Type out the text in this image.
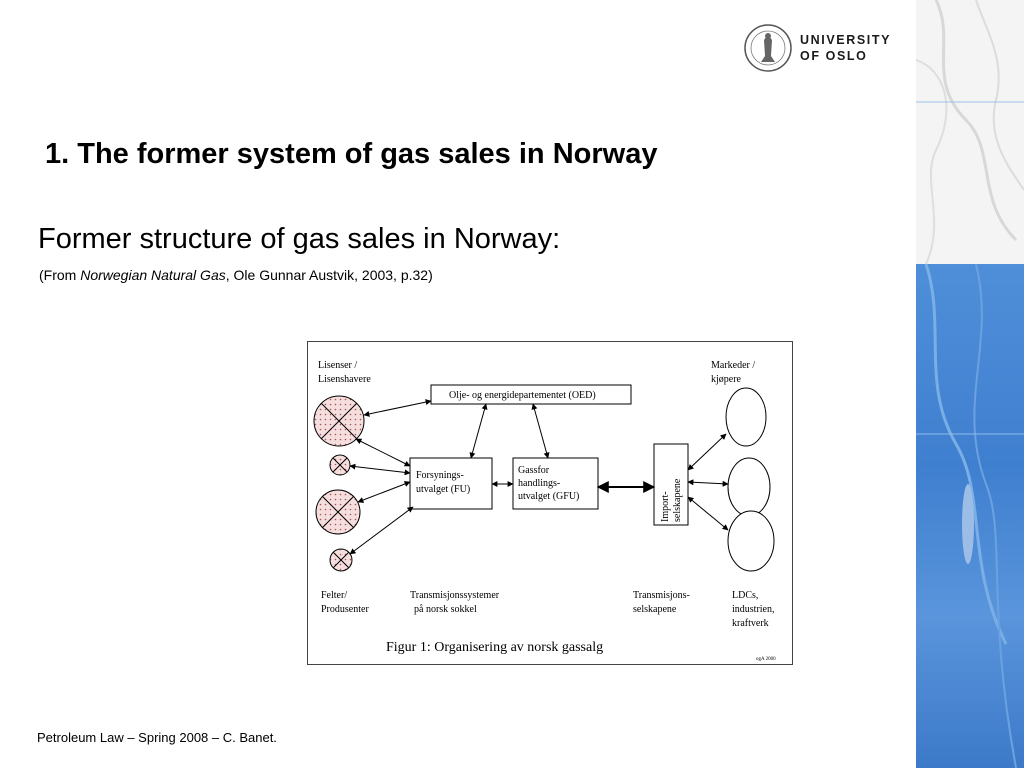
UNIVERSITY
OF OSLO
1. The former system of gas sales in Norway
Former structure of gas sales in Norway:
(From Norwegian Natural Gas, Ole Gunnar Austvik, 2003, p.32)
Lisenser /
Lisenshavere
Markeder /
kjøpere
Olje- og energidepartementet (OED)
Forsynings-
utvalget (FU)
Gassfor
handlings-
utvalget (GFU)	Import- selskapene
Felter/
Produsenter
Transmisjonssystemer
på norsk sokkel
Transmisjons-
selskapene
LDCs,
industrien,
kraftverk
Figur 1: Organisering av norsk gassalg
ogA 2000
Petroleum Law – Spring 2008 – C. Banet.
